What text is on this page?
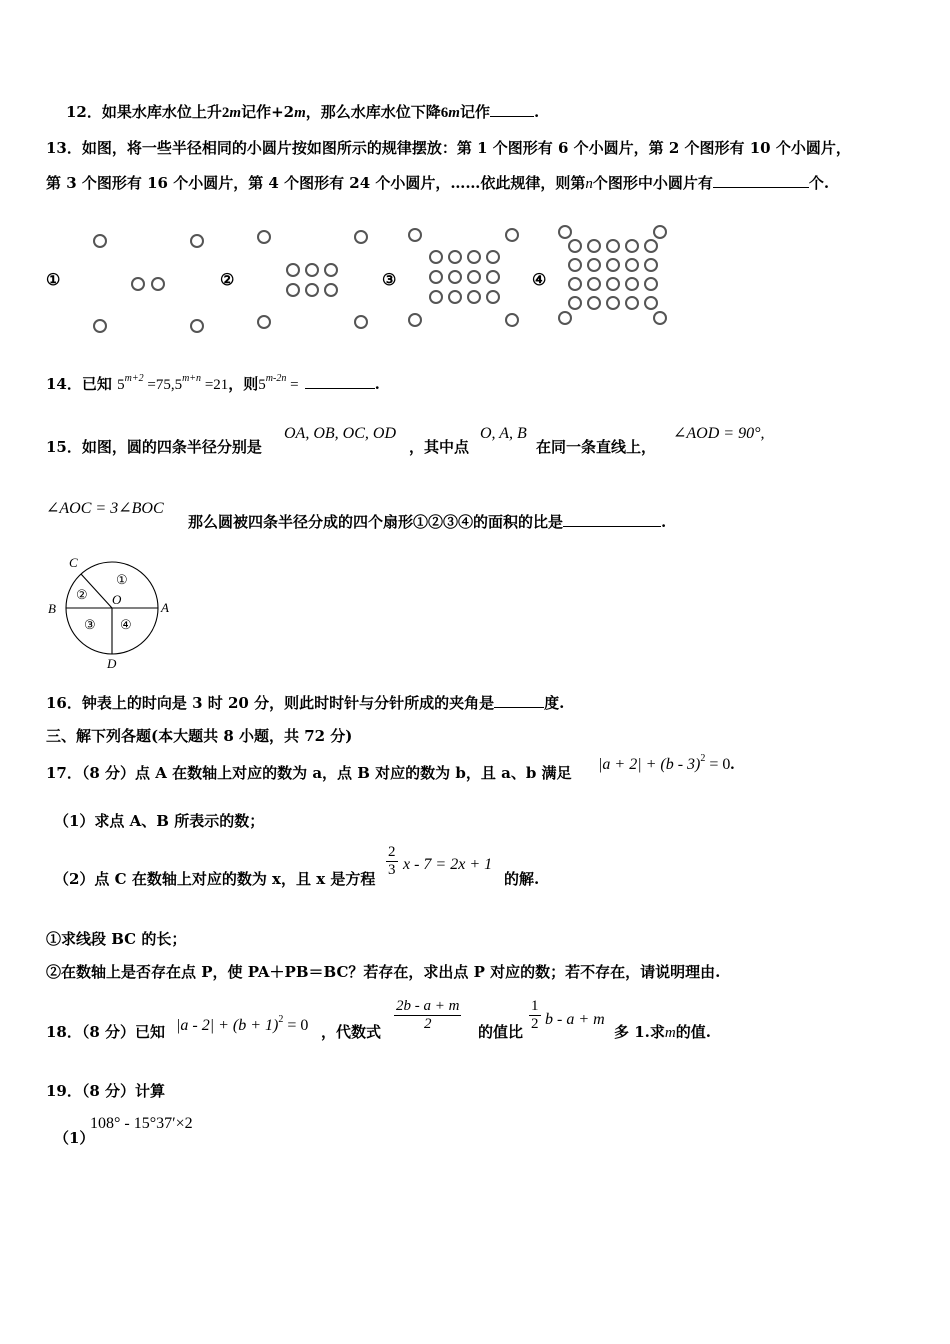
12．如果水库水位上升2m记作+2m，那么水库水位下降6m记作	.
13．如图，将一些半径相同的小圆片按如图所示的规律摆放：第 1 个图形有 6 个小圆片，第 2 个图形有 10 个小圆片，
第 3 个图形有 16 个小圆片，第 4 个图形有 24 个小圆片，……依此规律，则第n个图形中小圆片有	个.
①	②	③	④
14．已知 $5^{m+2} =75,5^{m+n} =21$，则$5^{m-2n}$ =	.
15．如图，圆的四条半径分别是
OA, OB, OC, OD
，其中点
O, A, B
在同一条直线上，
∠AOD = 90°,
∠AOC = 3∠BOC
那么圆被四条半径分成的四个扇形①②③④的面积的比是	.
C
B	A
D
O
①
②
③ ④
16．钟表上的时向是 3 时 20 分，则此时时针与分针所成的夹角是	度.
三、解下列各题(本大题共 8 小题，共 72 分)
17．（8 分）点 A 在数轴上对应的数为 a，点 B 对应的数为 b，且 a、b 满足 |a + 2| + (b - 3)$^2$ = 0.
（1）求点 A、B 所表示的数；
（2）点 C 在数轴上对应的数为 x，且 x 是方程 $\frac{2}{3}$ x - 7 = 2x + 1
的解.
①求线段 BC 的长；
②在数轴上是否存在点 P，使 PA＋PB＝BC？若存在，求出点 P 对应的数；若不存在，请说明理由.
18．（8 分）已知 $|a - 2| + (b + 1)^2 = 0$ ，代数式 $\frac{2b - a + m}{2}$ 的值比 $\frac{1}{2}$ b - a + m
多 1.求m的值.
19．（8 分）计算
（1）
108° - 15°37′×2
